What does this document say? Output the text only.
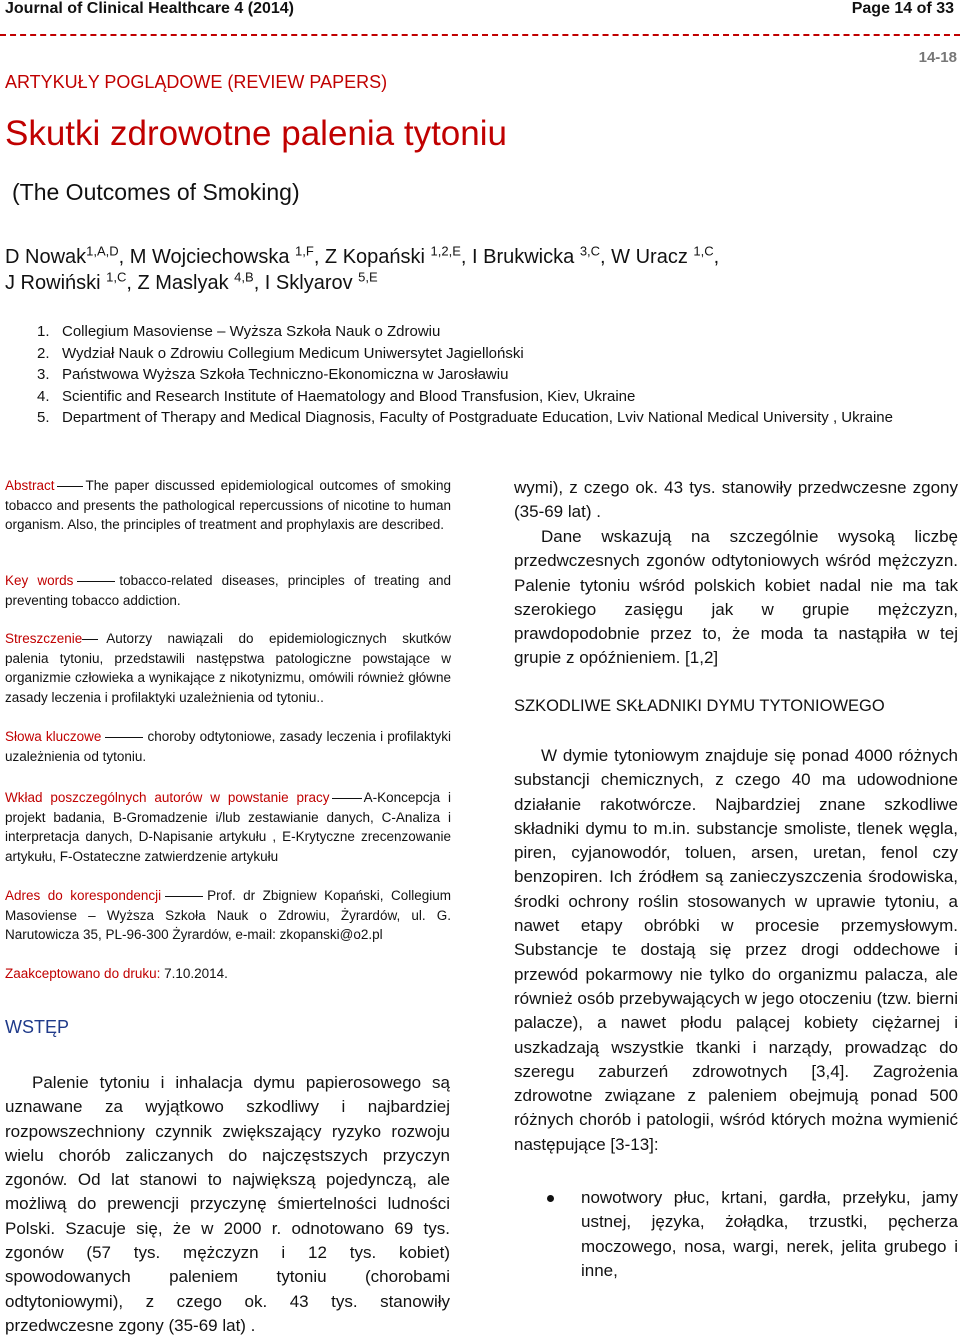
Journal of Clinical Healthcare 4 (2014)	Page 14 of 33
14-18
ARTYKUŁY POGLĄDOWE (REVIEW PAPERS)
Skutki zdrowotne palenia tytoniu
(The Outcomes of Smoking)
D Nowak$^{1,A,D}$, M Wojciechowska $^{1,F}$, Z Kopański $^{1,2,E}$, I Brukwicka $^{3,C}$, W Uracz $^{1,C}$,
J Rowiński $^{1,C}$, Z Maslyak $^{4,B}$, I Sklyarov $^{5,E}$
1. Collegium Masoviense – Wyższa Szkoła Nauk o Zdrowiu
2. Wydział Nauk o Zdrowiu Collegium Medicum Uniwersytet Jagielloński
3. Państwowa Wyższa Szkoła Techniczno-Ekonomiczna w Jarosławiu
4. Scientific and Research Institute of Haematology and Blood Transfusion, Kiev, Ukraine
5. Department of Therapy and Medical Diagnosis, Faculty of Postgraduate Education, Lviv National Medical University , Ukraine
Abstract The paper discussed epidemiological outcomes of smoking tobacco and presents the pathological repercussions of nicotine to human organism. Also, the principles of treatment and prophylaxis are described.
Key words	tobacco-related diseases, principles of treating and preventing tobacco addiction.
Streszczenie Autorzy nawiązali do epidemiologicznych skutków palenia tytoniu, przedstawili następstwa patologiczne powstające w organizmie człowieka a wynikające z nikotynizmu, omówili również główne zasady leczenia i profilaktyki uzależnienia od tytoniu..
Słowa kluczowe	choroby odtytoniowe, zasady leczenia i profilaktyki uzależnienia od tytoniu.
Wkład poszczególnych autorów w powstanie pracy	A-Koncepcja i projekt badania, B-Gromadzenie i/lub zestawianie danych, C-Analiza i interpretacja danych, D-Napisanie artykułu , E-Krytyczne zrecenzowanie artykułu, F-Ostateczne zatwierdzenie artykułu
Adres do korespondencji	Prof. dr Zbigniew Kopański, Collegium Masoviense – Wyższa Szkoła Nauk o Zdrowiu, Żyrardów, ul. G. Narutowicza 35, PL-96-300 Żyrardów, e-mail: zkopanski@o2.pl
Zaakceptowano do druku: 7.10.2014.
WSTĘP
Palenie tytoniu i inhalacja dymu papierosowego są uznawane za wyjątkowo szkodliwy i najbardziej rozpowszechniony czynnik zwiększający ryzyko rozwoju wielu chorób zaliczanych do najczęstszych przyczyn zgonów. Od lat stanowi to największą pojedynczą, ale możliwą do prewencji przyczynę śmiertelności ludności Polski. Szacuje się, że w 2000 r. odnotowano 69 tys. zgonów (57 tys. mężczyzn i 12 tys. kobiet) spowodowanych paleniem tytoniu (chorobami odtytoniowymi), z czego ok. 43 tys. stanowiły przedwczesne zgony (35-69 lat) .
wymi), z czego ok. 43 tys. stanowiły przedwczesne zgony (35-69 lat) .
Dane wskazują na szczególnie wysoką liczbę przedwczesnych zgonów odtytoniowych wśród mężczyzn. Palenie tytoniu wśród polskich kobiet nadal nie ma tak szerokiego zasięgu jak w grupie mężczyzn, prawdopodobnie przez to, że moda ta nastąpiła w tej grupie z opóźnieniem. [1,2]
SZKODLIWE SKŁADNIKI DYMU TYTONIOWEGO
W dymie tytoniowym znajduje się ponad 4000 różnych substancji chemicznych, z czego 40 ma udowodnione działanie rakotwórcze. Najbardziej znane szkodliwe składniki dymu to m.in. substancje smoliste, tlenek węgla, piren, cyjanowodór, toluen, arsen, uretan, fenol czy benzopiren. Ich źródłem są zanieczyszczenia środowiska, środki ochrony roślin stosowanych w uprawie tytoniu, a nawet etapy obróbki w procesie przemysłowym. Substancje te dostają się przez drogi oddechowe i przewód pokarmowy nie tylko do organizmu palacza, ale również osób przebywających w jego otoczeniu (tzw. bierni palacze), a nawet płodu palącej kobiety ciężarnej i uszkadzają wszystkie tkanki i narządy, prowadząc do szeregu zaburzeń zdrowotnych [3,4]. Zagrożenia zdrowotne związane z paleniem obejmują ponad 500 różnych chorób i patologii, wśród których można wymienić następujące [3-13]:
nowotwory płuc, krtani, gardła, przełyku, jamy ustnej, języka, żołądka, trzustki, pęcherza moczowego, nosa, wargi, nerek, jelita grubego i inne,
